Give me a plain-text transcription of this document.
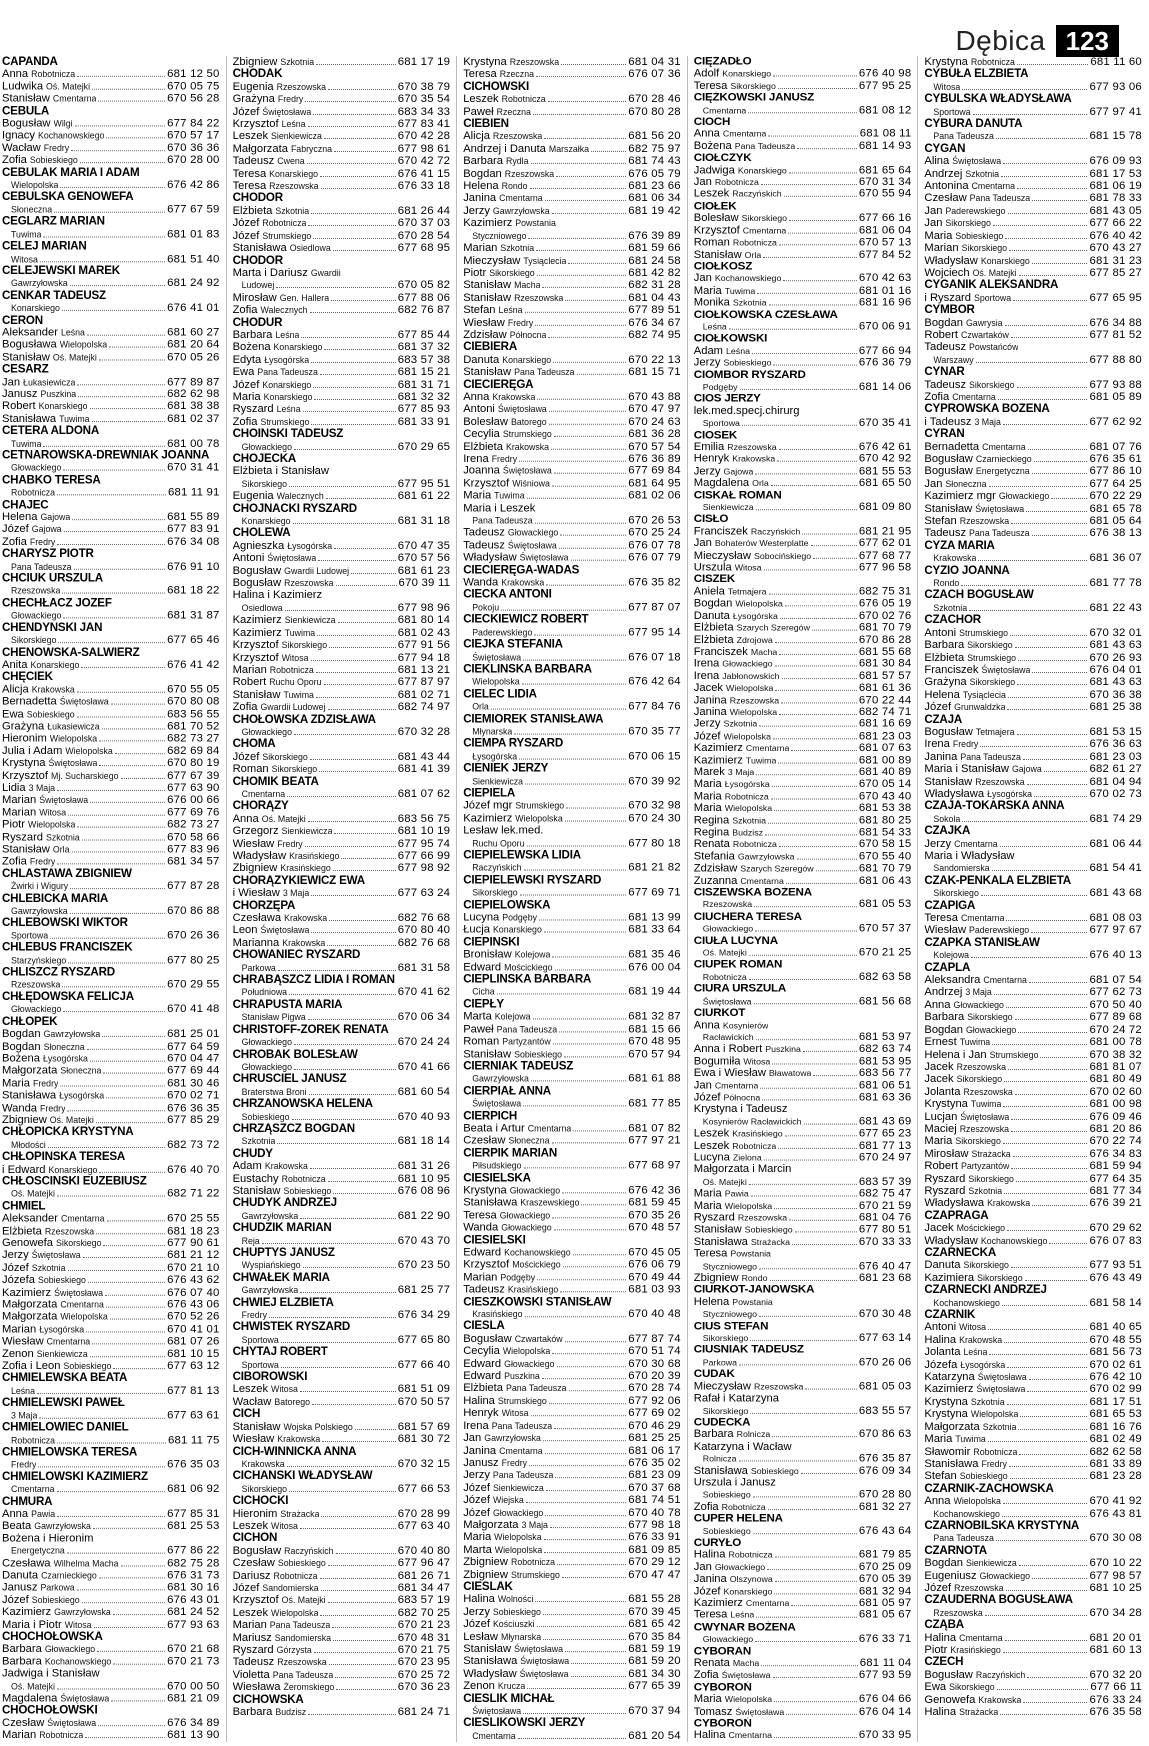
Dębica 123
CAPANDA
Anna Robotnicza	681 12 50
Ludwika Oś. Matejki	670 05 75
Stanisław Cmentarna	670 56 28
CEBULA
Bogusław Wilgi	677 84 22
Ignacy Kochanowskiego	670 57 17
Wacław Fredry	670 36 36
Zofia Sobieskiego	670 28 00
CEBULAK MARIA I ADAM
Wielopolska	676 42 86
CEBULSKA GENOWEFA
Słoneczna	677 67 59
CEGLARZ MARIAN
Tuwima	681 01 83
CELEJ MARIAN
Witosa	681 51 40
CELEJEWSKI MAREK
Gawrzyłowska	681 24 92
CENKAR TADEUSZ
Konarskiego	676 41 01
CEROŃ
Aleksander Leśna	681 60 27
Bogusława Wielopolska	681 20 64
Stanisław Oś. Matejki	670 05 26
CESARZ
Jan Łukasiewicza	677 89 87
Janusz Puszkina	682 62 98
Robert Konarskiego	681 38 38
Stanisława Tuwima	681 02 37
CETERA ALDONA
Tuwima	681 00 78
CETNAROWSKA-DREWNIAK JOANNA
Głowackiego	670 31 41
CHABKO TERESA
Robotnicza	681 11 91
CHAJEC
Helena Gajowa	681 55 89
Józef Gajowa	677 83 91
Zofia Fredry	676 34 08
CHARYSZ PIOTR
Pana Tadeusza	676 91 10
CHCIUK URSZULA
Rzeszowska	681 18 22
CHECHŁACZ JÓZEF
Głowackiego	681 31 87
CHENDYŃSKI JAN
Sikorskiego	677 65 46
CHENOWSKA-SALWIERZ
Anita Konarskiego	676 41 42
CHĘCIEK
Alicja Krakowska	670 55 05
Bernadetta Świętosława	670 80 08
Ewa Sobieskiego	683 56 55
Grażyna Łukasiewicza	681 70 52
Hieronim Wielopolska	682 73 27
Julia i Adam Wielopolska	682 69 84
Krystyna Świętosława	670 80 19
Krzysztof Mj. Sucharskiego	677 67 39
Lidia 3 Maja	677 63 90
Marian Świętosława	676 00 66
Marian Witosa	677 69 76
Piotr Wielopolska	682 73 27
Ryszard Szkotnia	670 58 66
Stanisław Orla	677 83 96
Zofia Fredry	681 34 57
CHLASTAWA ZBIGNIEW
Żwirki i Wigury	677 87 28
CHLEBICKA MARIA
Gawrzyłowska	670 86 88
CHLEBOWSKI WIKTOR
Sportowa	670 26 36
CHLEBUŚ FRANCISZEK
Starzyńskiego	677 80 25
CHLISZCZ RYSZARD
Rzeszowska	670 29 55
CHŁĘDOWSKA FELICJA
Głowackiego	670 41 48
CHŁOPEK
Bogdan Gawrzyłowska	681 25 01
Bogdan Słoneczna	677 64 59
Bożena Łysogórska	670 04 47
Małgorzata Słoneczna	677 69 44
Maria Fredry	681 30 46
Stanisława Łysogórska	670 02 71
Wanda Fredry	676 36 35
Zbigniew Oś. Matejki	677 85 29
CHŁOPICKA KRYSTYNA
Młodości	682 73 72
CHŁOPIŃSKA TERESA
i Edward Konarskiego	676 40 70
CHŁOŚCIŃSKI EUZEBIUSZ
Oś. Matejki	682 71 22
CHMIEL
Aleksander Cmentarna	670 25 55
Elżbieta Rzeszowska	681 18 23
Genowefa Sikorskiego	677 90 61
Jerzy Świętosława	681 21 12
Józef Szkotnia	670 21 10
Józefa Sobieskiego	676 43 62
Kazimierz Świętosława	676 07 40
Małgorzata Cmentarna	676 43 06
Małgorzata Wielopolska	670 52 26
Marian Łysogórska	670 41 01
Wiesław Cmentarna	681 07 26
Zenon Sienkiewicza	681 10 15
Zofia i Leon Sobieskiego	677 63 12
CHMIELEWSKA BEATA
Leśna	677 81 13
CHMIELEWSKI PAWEŁ
3 Maja	677 63 61
CHMIELOWIEC DANIEL
Robotnicza	681 11 75
CHMIELOWSKA TERESA
Fredry	676 35 03
CHMIELOWSKI KAZIMIERZ
Cmentarna	681 06 92
CHMURA
Anna Pawia	677 85 31
Beata Gawrzyłowska	681 25 53
Bożena i Hieronim
Energetyczna	677 86 22
Czesława Wilhelma Macha	682 75 28
Danuta Czarnieckiego	676 31 73
Janusz Parkowa	681 30 16
Józef Sobieskiego	676 43 01
Kazimierz Gawrzyłowska	681 24 52
Maria i Piotr Witosa	677 93 63
CHOCHOŁOWSKA
Barbara Głowackiego	670 21 68
Barbara Kochanowskiego	670 21 73
Jadwiga i Stanisław
Oś. Matejki	670 00 50
Magdalena Świętosława	681 21 09
CHOCHOŁOWSKI
Czesław Świętosława	676 34 89
Marian Robotnicza	681 13 90
Zbigniew Szkotnia	681 17 19
CHODAK
Eugenia Rzeszowska	670 38 79
Grażyna Fredry	670 35 54
Józef Świętosława	683 34 33
Krzysztof Leśna	677 83 41
Leszek Sienkiewicza	670 42 28
Małgorzata Fabryczna	677 98 61
Tadeusz Cwena	670 42 72
Teresa Konarskiego	676 41 15
Teresa Rzeszowska	676 33 18
CHODOR
Elżbieta Szkotnia	681 26 44
Józef Robotnicza	670 37 03
Józef Strumskiego	670 28 54
Stanisława Osiedlowa	677 68 95
CHODÓR
Marta i Dariusz Gwardii
Ludowej	670 05 82
Mirosław Gen. Hallera	677 88 06
Zofia Walecznych	682 76 87
CHODUR
Barbara Leśna	677 85 44
Bożena Konarskiego	681 37 32
Edyta Łysogórska	683 57 38
Ewa Pana Tadeusza	681 15 21
Józef Konarskiego	681 31 71
Maria Konarskiego	681 32 32
Ryszard Leśna	677 85 93
Zofia Strumskiego	681 33 91
CHOIŃSKI TADEUSZ
Głowackiego	670 29 65
CHOJECKA
Elżbieta i Stanisław
Sikorskiego	677 95 51
Eugenia Walecznych	681 61 22
CHOJNACKI RYSZARD
Konarskiego	681 31 18
CHOLEWA
Agnieszka Łysogórska	670 47 35
Antoni Świętosława	670 57 56
Bogusław Gwardii Ludowej	681 61 23
Bogusław Rzeszowska	670 39 11
Halina i Kazimierz
Osiedlowa	677 98 96
Kazimierz Sienkiewicza	681 80 14
Kazimierz Tuwima	681 02 43
Krzysztof Sikorskiego	677 91 56
Krzysztof Witosa	677 94 18
Marian Robotnicza	681 13 21
Robert Ruchu Oporu	677 87 97
Stanisław Tuwima	681 02 71
Zofia Gwardii Ludowej	682 74 97
CHOŁOWSKA ZDZISŁAWA
Głowackiego	670 32 28
CHOMA
Józef Sikorskiego	681 43 44
Roman Sikorskiego	681 41 39
CHOMIK BEATA
Cmentarna	681 07 62
CHORĄŻY
Anna Oś. Matejki	683 56 75
Grzegorz Sienkiewicza	681 10 19
Wiesław Fredry	677 95 74
Władysław Krasińskiego	677 66 99
Zbigniew Krasińskiego	677 98 92
CHORĄŻYKIEWICZ EWA
i Wiesław 3 Maja	677 63 24
CHORZĘPA
Czesława Krakowska	682 76 68
Leon Świętosława	670 80 40
Marianna Krakowska	682 76 68
CHOWANIEC RYSZARD
Parkowa	681 31 58
CHRABĄSZCZ LIDIA I ROMAN
Południowa	670 41 62
CHRAPUSTA MARIA
Stanisław Pigwa	670 06 34
CHRISTOFF-ZOREK RENATA
Głowackiego	670 24 24
CHROBAK BOLESŁAW
Głowackiego	670 41 66
CHRUŚCIEL JANUSZ
Braterstwa Broni	681 60 54
CHRZANOWSKA HELENA
Sobieskiego	670 40 93
CHRZĄSZCZ BOGDAN
Szkotnia	681 18 14
CHUDY
Adam Krakowska	681 31 26
Eustachy Robotnicza	681 10 95
Stanisław Sobieskiego	676 08 96
CHUDYK ANDRZEJ
Gawrzyłowska	681 22 90
CHUDZIK MARIAN
Reja	670 43 70
CHUPTYŚ JANUSZ
Wyspiańskiego	670 23 50
CHWAŁEK MARIA
Gawrzyłowska	681 25 77
CHWIEJ ELŻBIETA
Fredry	676 34 29
CHWISTEK RYSZARD
Sportowa	677 65 80
CHYTAJ ROBERT
Sportowa	677 66 40
CIBOROWSKI
Leszek Witosa	681 51 09
Wacław Batorego	670 50 57
CICH
Stanisław Wojska Polskiego	681 57 69
Wiesław Krakowska	681 30 72
CICH-WINNICKA ANNA
Krakowska	670 32 15
CICHAŃSKI WŁADYSŁAW
Sikorskiego	677 66 53
CICHOCKI
Hieronim Strażacka	670 28 99
Leszek Witosa	677 63 40
CICHON
Bogusław Raczyńskich	670 40 80
Czesław Sobieskiego	677 96 47
Dariusz Robotnicza	681 26 71
Józef Sandomierska	681 34 47
Krzysztof Oś. Matejki	683 57 19
Leszek Wielopolska	682 70 25
Marian Pana Tadeusza	670 21 23
Mariusz Sandomierska	670 48 31
Ryszard Górzysta	670 21 75
Tadeusz Rzeszowska	670 23 95
Violetta Pana Tadeusza	670 25 72
Wiesława Żeromskiego	670 36 23
CICHOWSKA
Barbara Budzisz	681 24 71
Krystyna Rzeszowska	681 04 31
Teresa Rzeczna	676 07 36
CICHOWSKI
Leszek Robotnicza	670 28 46
Paweł Rzeczna	670 80 28
CIEBIEŃ
Alicja Rzeszowska	681 56 20
Andrzej i Danuta Marszałka	682 75 97
Barbara Rydla	681 74 43
Bogdan Rzeszowska	676 05 79
Helena Rondo	681 23 66
Janina Cmentarna	681 06 34
Jerzy Gawrzyłowska	681 19 42
Kazimierz Powstania
Styczniowego	676 39 89
Marian Szkotnia	681 59 66
Mieczysław Tysiąclecia	681 24 58
Piotr Sikorskiego	681 42 82
Stanisław Macha	682 31 28
Stanisław Rzeszowska	681 04 43
Stefan Leśna	677 89 51
Wiesław Fredry	676 34 67
Zdzisław Północna	682 74 95
CIEBIERA
Danuta Konarskiego	670 22 13
Stanisław Pana Tadeusza	681 15 71
CIECIERĘGA
Anna Krakowska	670 43 88
Antoni Świętosława	670 47 97
Bolesław Batorego	670 24 63
Cecylia Strumskiego	681 36 28
Elżbieta Krakowska	670 57 54
Irena Fredry	676 36 89
Joanna Świętosława	677 69 84
Krzysztof Wiśniowa	681 64 95
Maria Tuwima	681 02 06
Maria i Leszek
Pana Tadeusza	670 26 53
Tadeusz Głowackiego	670 25 24
Tadeusz Świętosława	676 07 78
Władysław Świętosława	676 07 79
CIECIERĘGA-WADAS
Wanda Krakowska	676 35 82
CIEĆKA ANTONI
Pokoju	677 87 07
CIEĆKIEWICZ ROBERT
Paderewskiego	677 95 14
CIEJKA STEFANIA
Świętosława	676 07 18
CIEKLIŃSKA BARBARA
Wielopolska	676 42 64
CIELEC LIDIA
Orla	677 84 76
CIEMIOREK STANISŁAWA
Młynarska	670 35 77
CIEMPA RYSZARD
Łysogórska	670 06 15
CIENIEK JERZY
Sienkiewicza	670 39 92
CIEPIELA
Józef mgr Strumskiego	670 32 98
Kazimierz Wielopolska	670 24 30
Lesław lek.med.
Ruchu Oporu	677 80 18
CIEPIELEWSKA LIDIA
Raczyńskich	681 21 82
CIEPIELEWSKI RYSZARD
Sikorskiego	677 69 71
CIEPIELOWSKA
Lucyna Podgęby	681 13 99
Łucja Konarskiego	681 33 64
CIEPIŃSKI
Bronisław Kolejowa	681 35 46
Edward Mościckiego	676 00 04
CIEPLIŃSKA BARBARA
Cicha	681 19 44
CIEPŁY
Marta Kolejowa	681 32 87
Paweł Pana Tadeusza	681 15 66
Roman Partyzantów	670 48 95
Stanisław Sobieskiego	670 57 94
CIERNIAK TADEUSZ
Gawrzyłowska	681 61 88
CIERPIAŁ ANNA
Świętosława	681 77 85
CIERPICH
Beata i Artur Cmentarna	681 07 82
Czesław Słoneczna	677 97 21
CIERPIK MARIAN
Piłsudskiego	677 68 97
CIESIELSKA
Krystyna Głowackiego	676 42 36
Stanisława Kraszewskiego	681 59 45
Teresa Głowackiego	670 35 26
Wanda Głowackiego	670 48 57
CIESIELSKI
Edward Kochanowskiego	670 45 05
Krzysztof Mościckiego	676 06 79
Marian Podgęby	670 49 44
Tadeusz Krasińskiego	681 03 93
CIESZKOWSKI STANISŁAW
Krasińskiego	670 40 48
CIEŚLA
Bogusław Czwartaków	677 87 74
Cecylia Wielopolska	670 51 74
Edward Głowackiego	670 30 68
Edward Puszkina	670 20 39
Elżbieta Pana Tadeusza	670 28 74
Halina Strumskiego	677 92 06
Henryk Witosa	677 69 02
Irena Pana Tadeusza	670 46 29
Jan Gawrzyłowska	681 25 25
Janina Cmentarna	681 06 17
Janusz Fredry	676 35 02
Jerzy Pana Tadeusza	681 23 09
Józef Sienkiewicza	670 37 68
Józef Wiejska	681 74 51
Józef Głowackiego	670 40 78
Małgorzata 3 Maja	677 98 18
Maria Wielopolska	676 33 91
Marta Wielopolska	681 09 85
Zbigniew Robotnicza	670 29 12
Zbigniew Strumskiego	670 47 47
CIEŚLAK
Halina Wolności	681 55 28
Jerzy Sobieskiego	670 39 45
Józef Kościuszki	681 65 42
Lesław Młynarska	670 35 84
Stanisław Świętosława	681 59 19
Stanisława Świętosława	681 59 20
Władysław Świętosława	681 34 30
Zenon Krucza	677 65 39
CIEŚLIK MICHAŁ
Świętosława	670 37 94
CIEŚLIKOWSKI JERZY
Cmentarna	681 20 54
CIĘŻADŁO
Adolf Konarskiego	676 40 98
Teresa Sikorskiego	677 95 25
CIĘŻKOWSKI JANUSZ
Cmentarna	681 08 12
CIOCH
Anna Cmentarna	681 08 11
Bożena Pana Tadeusza	681 14 93
CIOŁCZYK
Jadwiga Konarskiego	681 65 64
Jan Robotnicza	670 31 34
Leszek Raczyńskich	670 55 94
CIOŁEK
Bolesław Sikorskiego	677 66 16
Krzysztof Cmentarna	681 06 04
Roman Robotnicza	670 57 13
Stanisław Orla	677 84 52
CIOŁKOSZ
Jan Kochanowskiego	670 42 63
Maria Tuwima	681 01 16
Monika Szkotnia	681 16 96
CIOŁKOWSKA CZESŁAWA
Leśna	670 06 91
CIOŁKOWSKI
Adam Leśna	677 66 94
Jerzy Sobieskiego	676 36 79
CIOMBOR RYSZARD
Podgęby	681 14 06
CIOS JERZY
lek.med.specj.chirurg
Sportowa	670 35 41
CIOSEK
Emilia Rzeszowska	676 42 61
Henryk Krakowska	670 42 92
Jerzy Gajowa	681 55 53
Magdalena Orla	681 65 50
CISKAŁ ROMAN
Sienkiewicza	681 09 80
CISŁO
Franciszek Raczyńskich	681 21 95
Jan Bohaterów Westerplatte	677 62 01
Mieczysław Sobocińskiego	677 68 77
Urszula Witosa	677 96 58
CISZEK
Aniela Tetmajera	682 75 31
Bogdan Wielopolska	676 05 19
Danuta Łysogórska	670 02 76
Elżbieta Szarych Szeregów	681 70 79
Elżbieta Zdrojowa	670 86 28
Franciszek Macha	681 55 68
Irena Głowackiego	681 30 84
Irena Jabłonowskich	681 57 57
Jacek Wielopolska	681 61 36
Janina Rzeszowska	670 22 44
Janina Wielopolska	682 74 71
Jerzy Szkotnia	681 16 69
Józef Wielopolska	681 23 03
Kazimierz Cmentarna	681 07 63
Kazimierz Tuwima	681 00 89
Marek 3 Maja	681 40 89
Maria Łysogórska	670 05 14
Maria Robotnicza	670 43 40
Maria Wielopolska	681 53 38
Regina Szkotnia	681 80 25
Regina Budzisz	681 54 33
Renata Robotnicza	670 58 15
Stefania Gawrzyłowska	670 55 40
Zdzisław Szarych Szeregów	681 70 79
Zuzanna Cmentarna	681 06 43
CISZEWSKA BOŻENA
Rzeszowska	681 05 53
CIUCHERA TERESA
Głowackiego	670 57 37
CIUŁA LUCYNA
Oś. Matejki	670 21 25
CIUPEK ROMAN
Robotnicza	682 63 58
CIURA URSZULA
Świętosława	681 56 68
CIURKOT
Anna Kosynierów
Racławickich	681 53 97
Anna i Robert Puszkina	682 63 74
Bogumiła Witosa	681 53 95
Ewa i Wiesław Bławatowa	683 56 77
Jan Cmentarna	681 06 51
Józef Północna	681 63 36
Krystyna i Tadeusz
Kosynierów Racławickich	681 43 69
Leszek Krasińskiego	677 65 23
Leszek Robotnicza	681 77 13
Lucyna Zielona	670 24 97
Małgorzata i Marcin
Oś. Matejki	683 57 39
Maria Pawia	682 75 47
Maria Wielopolska	670 21 59
Ryszard Rzeszowska	681 04 76
Stanisław Sobieskiego	677 80 51
Stanisława Strażacka	670 33 33
Teresa Powstania
Styczniowego	676 40 47
Zbigniew Rondo	681 23 68
CIURKOT-JANOWSKA
Helena Powstania
Styczniowego	670 30 48
CIUS STEFAN
Sikorskiego	677 63 14
CIUŚNIAK TADEUSZ
Parkowa	670 26 06
CUDAK
Mieczysław Rzeszowska	681 05 03
Rafał i Katarzyna
Sikorskiego	683 55 57
CUDECKA
Barbara Rolnicza	670 86 63
Katarzyna i Wacław
Rolnicza	676 35 87
Stanisława Sobieskiego	676 09 34
Urszula i Janusz
Sobieskiego	670 28 80
Zofia Robotnicza	681 32 27
CUPER HELENA
Sobieskiego	676 43 64
CURYŁO
Halina Robotnicza	681 79 85
Jan Głowackiego	670 25 09
Janina Olszynowa	670 05 39
Józef Konarskiego	681 32 94
Kazimierz Cmentarna	681 05 97
Teresa Leśna	681 05 67
CWYNAR BOŻENA
Głowackiego	676 33 71
CYBORAN
Renata Macha	681 11 04
Zofia Świętosława	677 93 59
CYBOROŃ
Maria Wielopolska	676 04 66
Tomasz Świętosława	676 04 14
CYBOROŃ
Halina Cmentarna	670 33 95
Krystyna Robotnicza	681 11 60
CYBUŁA ELŻBIETA
Witosa	677 93 06
CYBULSKA WŁADYSŁAWA
Sportowa	677 97 41
CYBURA DANUTA
Pana Tadeusza	681 15 78
CYGAN
Alina Świętosława	676 09 93
Andrzej Szkotnia	681 17 53
Antonina Cmentarna	681 06 19
Czesław Pana Tadeusza	681 78 33
Jan Paderewskiego	681 43 05
Jan Sikorskiego	677 66 22
Maria Sobieskiego	676 40 42
Marian Sikorskiego	670 43 27
Władysław Konarskiego	681 31 23
Wojciech Oś. Matejki	677 85 27
CYGANIK ALEKSANDRA
i Ryszard Sportowa	677 65 95
CYMBOR
Bogdan Gawrysia	676 34 88
Robert Czwartaków	677 81 52
Tadeusz Powstańców
Warszawy	677 88 80
CYNAR
Tadeusz Sikorskiego	677 93 88
Zofia Cmentarna	681 05 89
CYPROWSKA BOŻENA
i Tadeusz 3 Maja	677 62 92
CYRAN
Bernadetta Cmentarna	681 07 76
Bogusław Czarnieckiego	676 35 61
Bogusław Energetyczna	677 86 10
Jan Słoneczna	677 64 25
Kazimierz mgr Głowackiego	670 22 29
Stanisław Świętosława	681 65 78
Stefan Rzeszowska	681 05 64
Tadeusz Pana Tadeusza	676 38 13
CYZA MARIA
Krakowska	681 36 07
CYZIO JOANNA
Rondo	681 77 78
CZACH BOGUSŁAW
Szkotnia	681 22 43
CZACHOR
Antoni Strumskiego	670 32 01
Barbara Sikorskiego	681 43 63
Elżbieta Strumskiego	670 26 93
Franciszek Świętosława	676 04 01
Grażyna Sikorskiego	681 43 63
Helena Tysiąclecia	670 36 38
Józef Grunwaldzka	681 25 38
CZAJA
Bogusław Tetmajera	681 53 15
Irena Fredry	676 36 63
Janina Pana Tadeusza	681 23 03
Maria i Stanisław Gajowa	682 61 27
Stanisław Rzeszowska	681 04 94
Władysława Łysogórska	670 02 73
CZAJA-TOKARSKA ANNA
Sokola	681 74 29
CZAJKA
Jerzy Cmentarna	681 06 44
Maria i Władysław
Sandomierska	681 54 41
CZAK-PEŃKALA ELŻBIETA
Sikorskiego	681 43 68
CZAPIGA
Teresa Cmentarna	681 08 03
Wiesław Paderewskiego	677 97 67
CZAPKA STANISŁAW
Kolejowa	676 40 13
CZAPLA
Aleksandra Cmentarna	681 07 54
Andrzej 3 Maja	677 62 73
Anna Głowackiego	670 50 40
Barbara Sikorskiego	677 89 68
Bogdan Głowackiego	670 24 72
Ernest Tuwima	681 00 78
Helena i Jan Strumskiego	670 38 32
Jacek Rzeszowska	681 81 07
Jacek Sikorskiego	681 80 49
Jolanta Rzeszowska	670 02 60
Krystyna Tuwima	681 00 98
Lucjan Świętosława	676 09 46
Maciej Rzeszowska	681 20 86
Maria Sikorskiego	670 22 74
Mirosław Strażacka	676 34 83
Robert Partyzantów	681 59 94
Ryszard Sikorskiego	677 64 35
Ryszard Szkotnia	681 77 34
Władysława Krakowska	676 39 21
CZAPRAGA
Jacek Mościckiego	670 29 62
Władysław Kochanowskiego	676 07 83
CZARNECKA
Danuta Sikorskiego	677 93 51
Kazimiera Sikorskiego	676 43 49
CZARNECKI ANDRZEJ
Kochanowskiego	681 58 14
CZARNIK
Antoni Witosa	681 40 65
Halina Krakowska	670 48 55
Jolanta Leśna	681 56 73
Józefa Łysogórska	670 02 61
Katarzyna Świętosława	676 42 10
Kazimierz Świętosława	670 02 99
Krystyna Szkotnia	681 17 51
Krystyna Wielopolska	681 65 53
Małgorzata Szkotnia	681 16 76
Maria Tuwima	681 02 49
Sławomir Robotnicza	682 62 58
Stanisława Fredry	681 33 89
Stefan Sobieskiego	681 23 28
CZARNIK-ŻACHOWSKA
Anna Wielopolska	670 41 92
Kochanowskiego	676 43 81
CZARNOBILSKA KRYSTYNA
Pana Tadeusza	670 30 08
CZARNOTA
Bogdan Sienkiewicza	670 10 22
Eugeniusz Głowackiego	677 98 57
Józef Rzeszowska	681 10 25
CZAUDERNA BOGUSŁAWA
Rzeszowska	670 34 28
CZĄBA
Halina Cmentarna	681 20 01
Piotr Krasińskiego	681 60 13
CZECH
Bogusław Raczyńskich	670 32 20
Ewa Sikorskiego	677 66 11
Genowefa Krakowska	676 33 24
Halina Strażacka	676 35 58
